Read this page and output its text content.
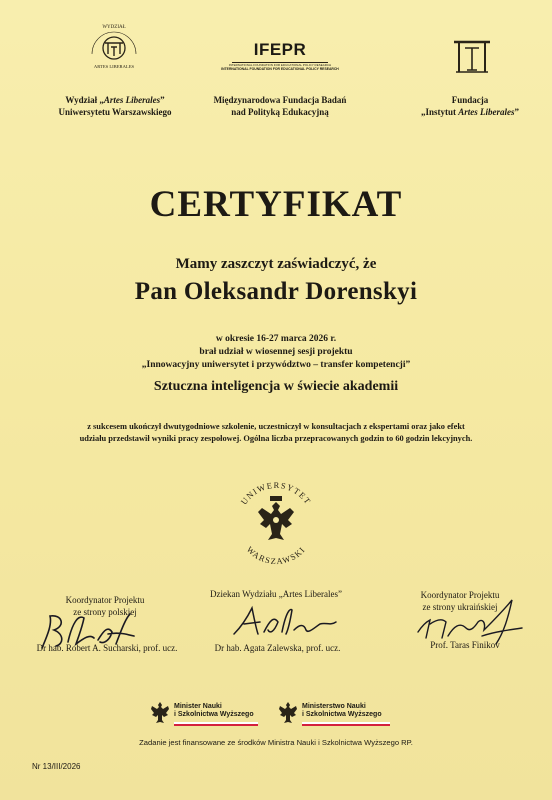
WYDZIAŁ
ARTES LIBERALES
Wydział „Artes Liberales”
Uniwersytetu Warszawskiego
IFEPR
INTERNATIONAL FOUNDATION FOR EDUCATIONAL POLICY RESEARCH
INTERNATIONAL FOUNDATION FOR EDUCATIONAL POLICY RESEARCH
Międzynarodowa Fundacja Badań
nad Polityką Edukacyjną
Fundacja
„Instytut Artes Liberales”
CERTYFIKAT
Mamy zaszczyt zaświadczyć, że
Pan Oleksandr Dorenskyi
w okresie 16-27 marca 2026 r.
brał udział w wiosennej sesji projektu
„Innowacyjny uniwersytet i przywództwo – transfer kompetencji”
Sztuczna inteligencja w świecie akademii
z sukcesem ukończył dwutygodniowe szkolenie, uczestniczył w konsultacjach z ekspertami oraz jako efekt
udziału przedstawił wyniki pracy zespołowej. Ogólna liczba przepracowanych godzin to 60 godzin lekcyjnych.
UNIWERSYTET
WARSZAWSKI
Koordynator Projektu
ze strony polskiej
Dr hab. Robert A. Sucharski, prof. ucz.
Dziekan Wydziału „Artes Liberales”
Dr hab. Agata Zalewska, prof. ucz.
Koordynator Projektu
ze strony ukraińskiej
Prof. Taras Finikov
Minister Nauki
i Szkolnictwa Wyższego
Ministerstwo Nauki
i Szkolnictwa Wyższego
Zadanie jest finansowane ze środków Ministra Nauki i Szkolnictwa Wyższego RP.
Nr 13/III/2026
